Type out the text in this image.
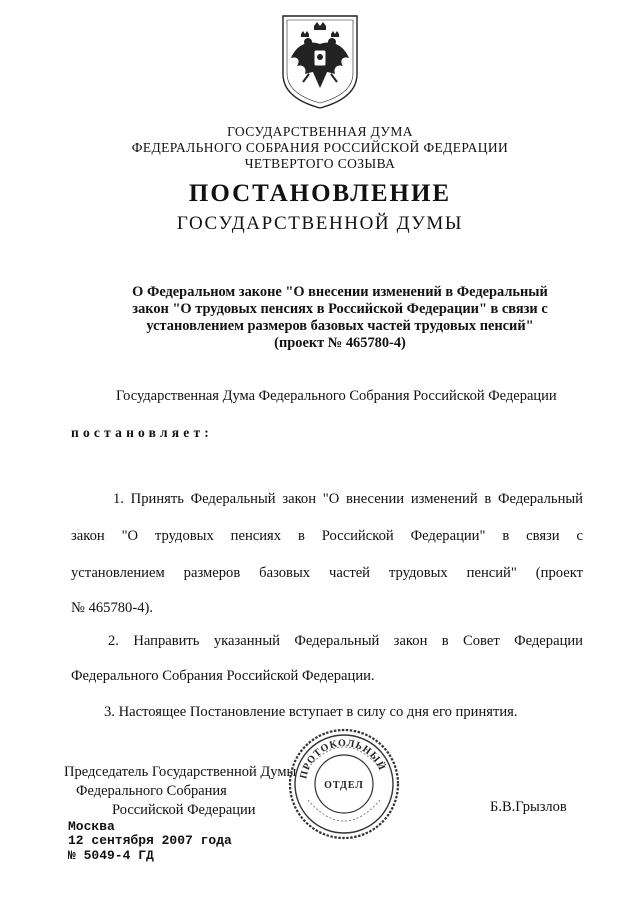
ГОСУДАРСТВЕННАЯ ДУМА
ФЕДЕРАЛЬНОГО СОБРАНИЯ РОССИЙСКОЙ ФЕДЕРАЦИИ
ЧЕТВЕРТОГО СОЗЫВА
ПОСТАНОВЛЕНИЕ
ГОСУДАРСТВЕННОЙ ДУМЫ
О Федеральном законе "О внесении изменений в Федеральный
закон "О трудовых пенсиях в Российской Федерации" в связи с
установлением размеров базовых частей трудовых пенсий"
(проект № 465780-4)
Государственная Дума Федерального Собрания Российской Федерации
постановляет:
1. Принять Федеральный закон "О внесении изменений в Федеральный
закон "О трудовых пенсиях в Российской Федерации" в связи с
установлением размеров базовых частей трудовых пенсий" (проект
№ 465780-4).
2. Направить указанный Федеральный закон в Совет Федерации
Федерального Собрания Российской Федерации.
3. Настоящее Постановление вступает в силу со дня его принятия.
Председатель Государственной Думы
Федерального Собрания
Российской Федерации	Б.В.Грызлов
Москва
12 сентября 2007 года
№ 5049-4 ГД
ПРОТОКОЛЬНЫЙ
ОТДЕЛ
